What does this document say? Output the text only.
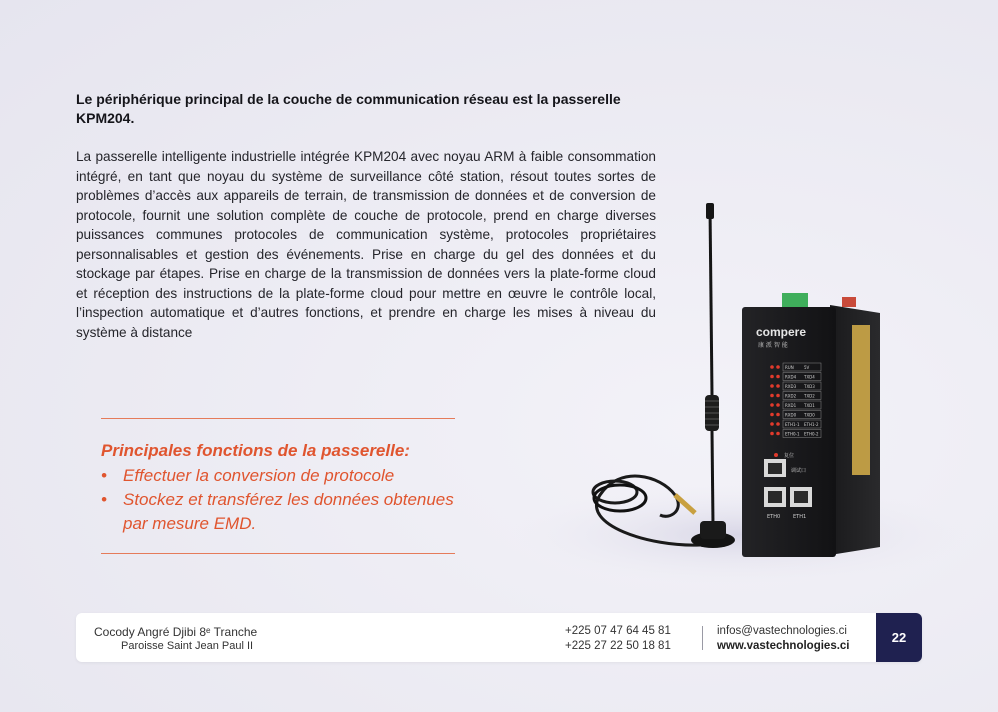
Le périphérique principal de la couche de communication réseau est la passerelle KPM204.
La passerelle intelligente industrielle intégrée KPM204 avec noyau ARM à faible consommation intégré, en tant que noyau du système de surveillance côté station, résout toutes sortes de problèmes d’accès aux appareils de terrain, de transmission de données et de conversion de protocole, fournit une solution complète de couche de protocole, prend en charge diverses puissances communes protocoles de communication système, protocoles propriétaires personnalisables et gestion des événements. Prise en charge du gel des données et du stockage par étapes. Prise en charge de la transmission de données vers la plate-forme cloud et réception des instructions de la plate-forme cloud pour mettre en œuvre le contrôle local, l’inspection automatique et d’autres fonctions, et prendre en charge les mises à niveau du système à distance
Principales fonctions de la passerelle:
• Effectuer la conversion de protocole
• Stockez et transférez les données obtenues par mesure EMD.
compere
康 派 智 能
RUN	5V
RXD4 TXD4
RXD3 TXD3
RXD2 TXD2
RXD1 TXD1
RXD0 TXD0
ETH1-1 ETH1-2
ETH0-1 ETH0-2
复位
调试口
ETH0	ETH1
Cocody Angré Djibi 8ᵉ Tranche
Paroisse Saint Jean Paul II
+225 07 47 64 45 81
+225 27 22 50 18 81
infos@vastechnologies.ci
www.vastechnologies.ci
22
